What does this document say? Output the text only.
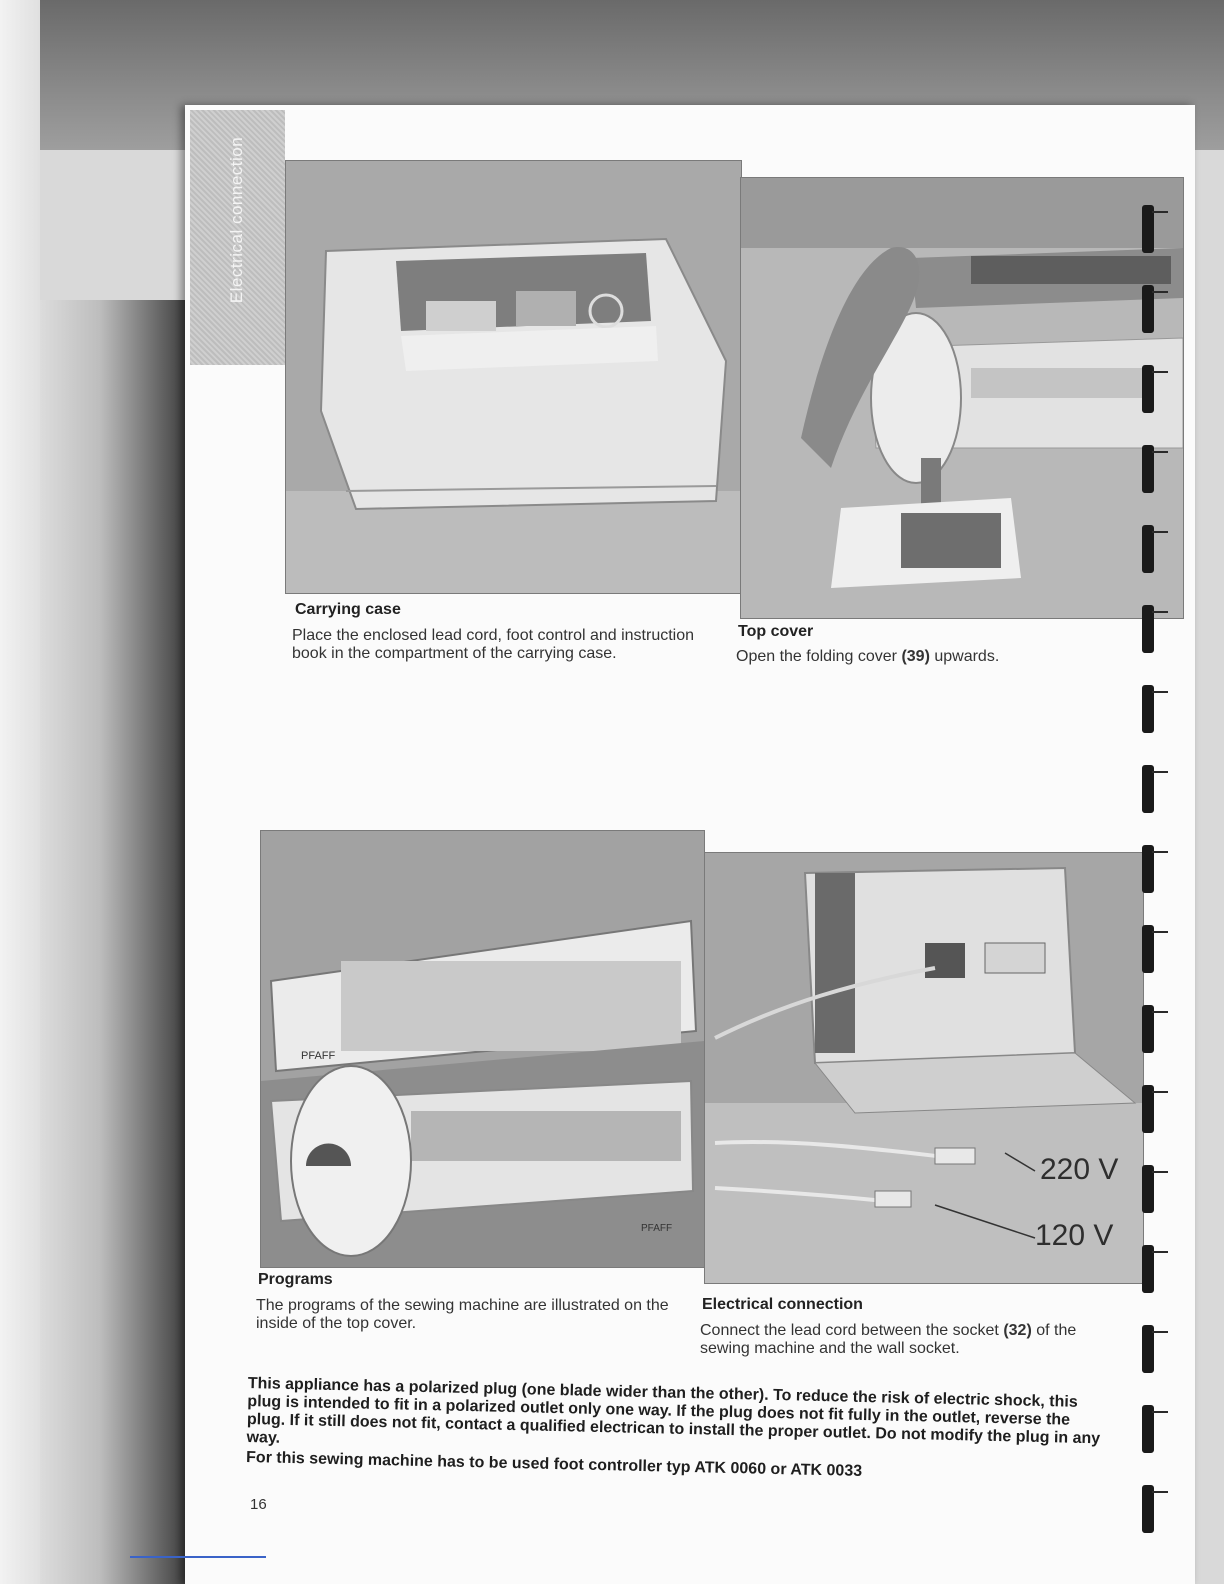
Electrical connection
Carrying case
Place the enclosed lead cord, foot control and instruction book in the compartment of the carrying case.
Top cover
Open the folding cover (39) upwards.
PFAFF
PFAFF
Programs
The programs of the sewing machine are illustrated on the inside of the top cover.
220 V
120 V
Electrical connection
Connect the lead cord between the socket (32) of the sewing machine and the wall socket.

This appliance has a polarized plug (one blade wider than the other). To reduce the risk of electric shock, this plug is intended to fit in a polarized outlet only one way. If the plug does not fit fully in the outlet, reverse the plug. If it still does not fit, contact a qualified electrican to install the proper outlet. Do not modify the plug in any way.

For this sewing machine has to be used foot controller typ ATK 0060 or ATK 0033

16
